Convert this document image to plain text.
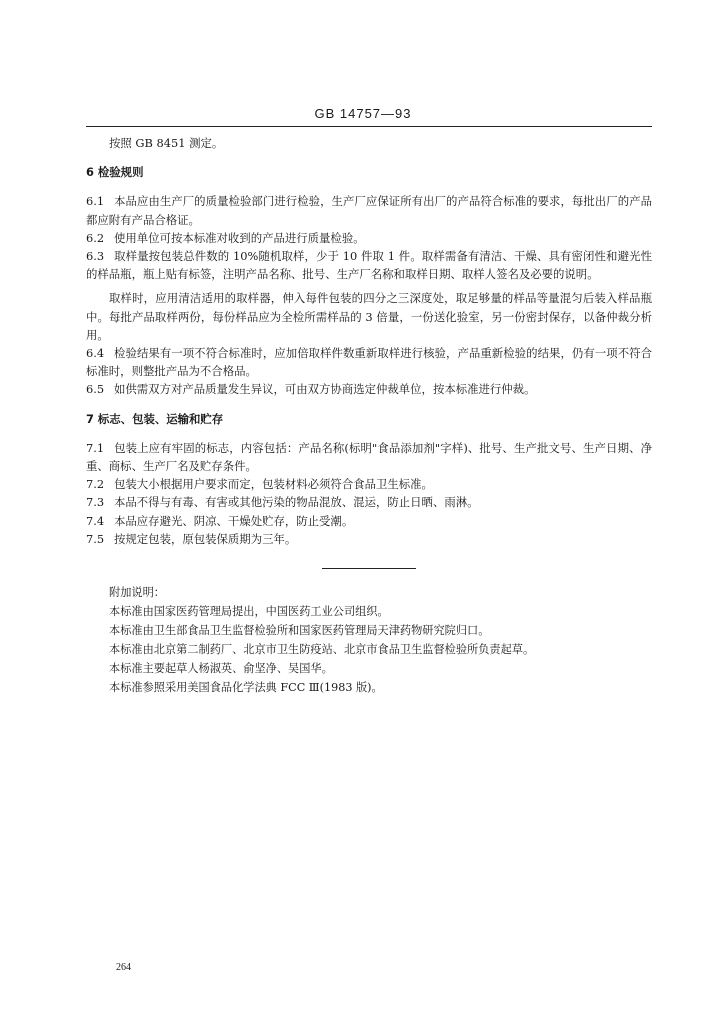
GB 14757—93

按照 GB 8451 测定。

6 检验规则

6.1 本品应由生产厂的质量检验部门进行检验，生产厂应保证所有出厂的产品符合标准的要求，每批出厂的产品都应附有产品合格证。

6.2 使用单位可按本标准对收到的产品进行质量检验。

6.3 取样量按包装总件数的 10%随机取样，少于 10 件取 1 件。取样需备有清洁、干燥、具有密闭性和避光性的样品瓶，瓶上贴有标签，注明产品名称、批号、生产厂名称和取样日期、取样人签名及必要的说明。

取样时，应用清洁适用的取样器，伸入每件包装的四分之三深度处，取足够量的样品等量混匀后装入样品瓶中。每批产品取样两份，每份样品应为全检所需样品的 3 倍量，一份送化验室，另一份密封保存，以备仲裁分析用。

6.4 检验结果有一项不符合标准时，应加倍取样件数重新取样进行核验，产品重新检验的结果，仍有一项不符合标准时，则整批产品为不合格品。

6.5 如供需双方对产品质量发生异议，可由双方协商选定仲裁单位，按本标准进行仲裁。

7 标志、包装、运输和贮存

7.1 包装上应有牢固的标志，内容包括：产品名称(标明"食品添加剂"字样)、批号、生产批文号、生产日期、净重、商标、生产厂名及贮存条件。

7.2 包装大小根据用户要求而定，包装材料必须符合食品卫生标准。

7.3 本品不得与有毒、有害或其他污染的物品混放、混运，防止日晒、雨淋。

7.4 本品应存避光、阴凉、干燥处贮存，防止受潮。

7.5 按规定包装，原包装保质期为三年。

附加说明：

本标准由国家医药管理局提出，中国医药工业公司组织。

本标准由卫生部食品卫生监督检验所和国家医药管理局天津药物研究院归口。

本标准由北京第二制药厂、北京市卫生防疫站、北京市食品卫生监督检验所负责起草。

本标准主要起草人杨淑英、俞坚净、吴国华。

本标准参照采用美国食品化学法典 FCC Ⅲ(1983 版)。

264
